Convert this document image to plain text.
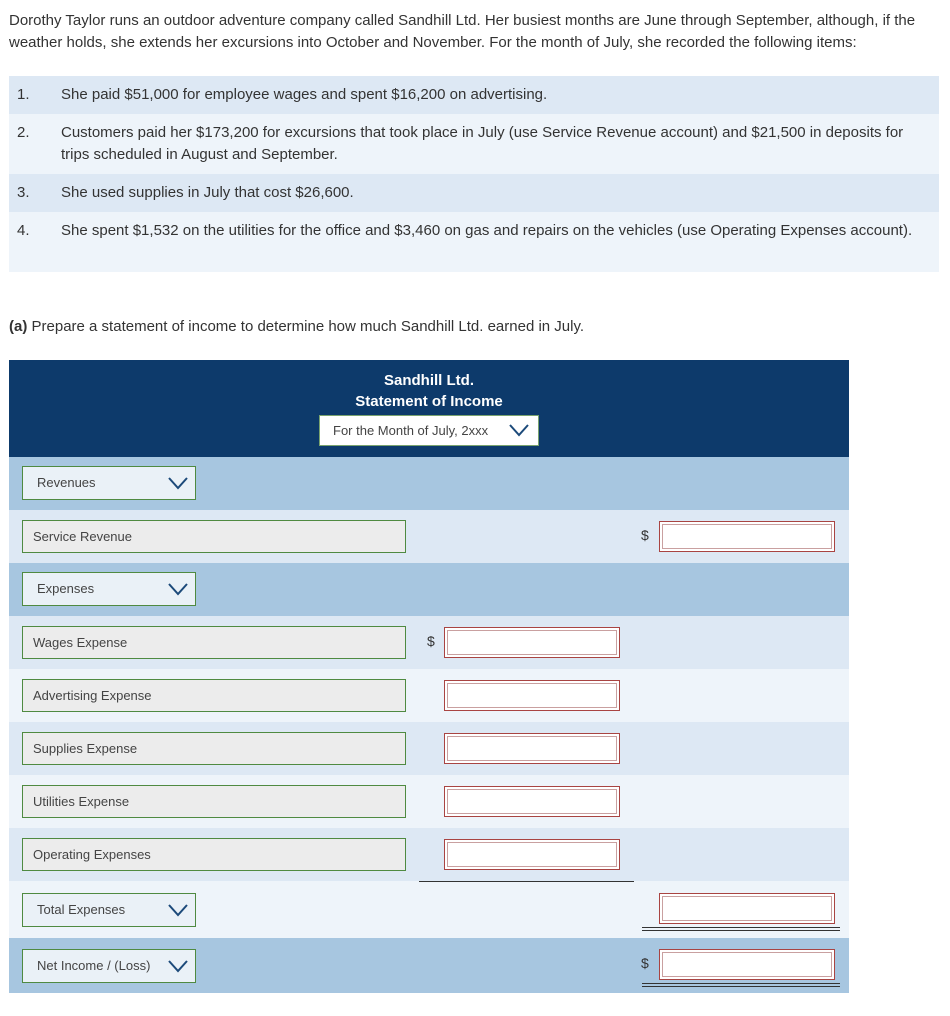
Dorothy Taylor runs an outdoor adventure company called Sandhill Ltd. Her busiest months are June through September, although, if the weather holds, she extends her excursions into October and November. For the month of July, she recorded the following items:
1.	She paid $51,000 for employee wages and spent $16,200 on advertising.
2.	Customers paid her $173,200 for excursions that took place in July (use Service Revenue account) and $21,500 in deposits for trips scheduled in August and September.
3.	She used supplies in July that cost $26,600.
4.	She spent $1,532 on the utilities for the office and $3,460 on gas and repairs on the vehicles (use Operating Expenses account).
(a) Prepare a statement of income to determine how much Sandhill Ltd. earned in July.
Sandhill Ltd.
Statement of Income
For the Month of July, 2xxx
Revenues
Service Revenue	$
Expenses
Wages Expense	$
Advertising Expense
Supplies Expense
Utilities Expense
Operating Expenses
Total Expenses
Net Income / (Loss)	$
